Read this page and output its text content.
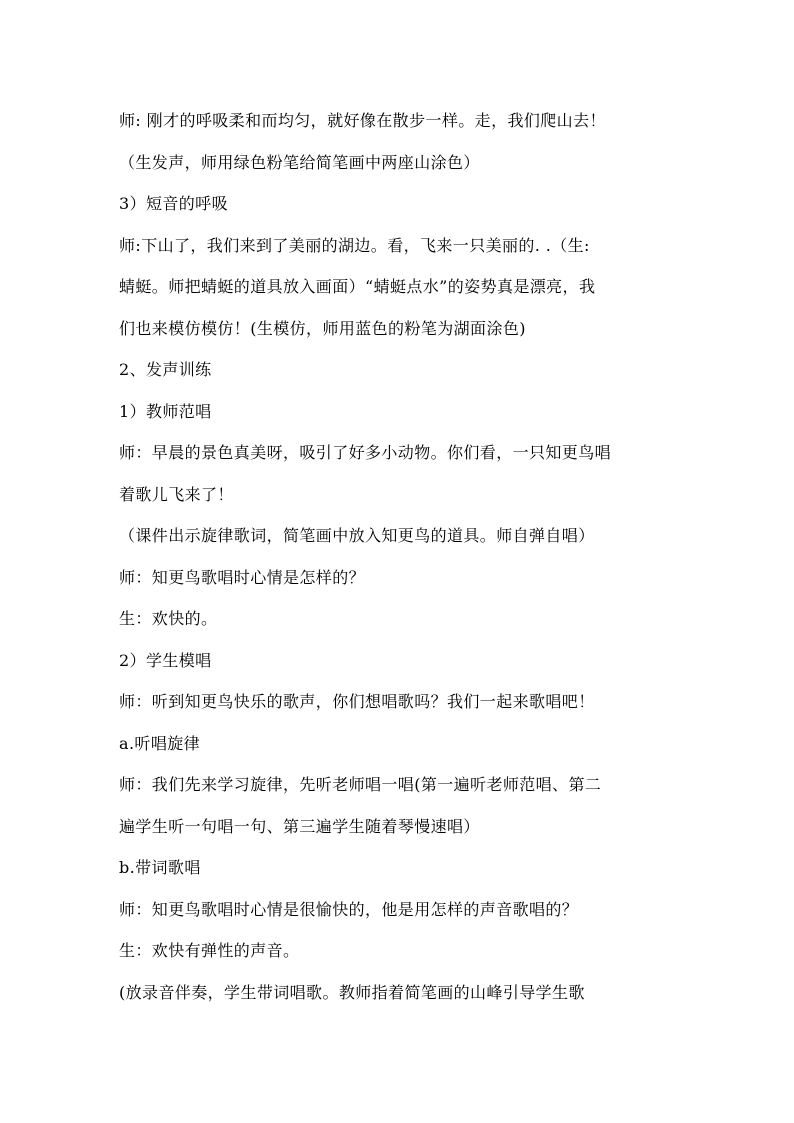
师: 刚才的呼吸柔和而均匀，就好像在散步一样。走，我们爬山去！
（生发声，师用绿色粉笔给简笔画中两座山涂色）
3）短音的呼吸
师:下山了，我们来到了美丽的湖边。看，飞来一只美丽的. .（生:
蜻蜓。师把蜻蜓的道具放入画面）“蜻蜓点水”的姿势真是漂亮，我
们也来模仿模仿！(生模仿，师用蓝色的粉笔为湖面涂色)
2、发声训练
1）教师范唱
师：早晨的景色真美呀，吸引了好多小动物。你们看，一只知更鸟唱
着歌儿飞来了！
（课件出示旋律歌词，简笔画中放入知更鸟的道具。师自弹自唱）
师：知更鸟歌唱时心情是怎样的？
生：欢快的。
2）学生模唱
师：听到知更鸟快乐的歌声，你们想唱歌吗？我们一起来歌唱吧！
a.听唱旋律
师：我们先来学习旋律，先听老师唱一唱(第一遍听老师范唱、第二
遍学生听一句唱一句、第三遍学生随着琴慢速唱）
b.带词歌唱
师：知更鸟歌唱时心情是很愉快的，他是用怎样的声音歌唱的？
生：欢快有弹性的声音。
(放录音伴奏，学生带词唱歌。教师指着简笔画的山峰引导学生歌
